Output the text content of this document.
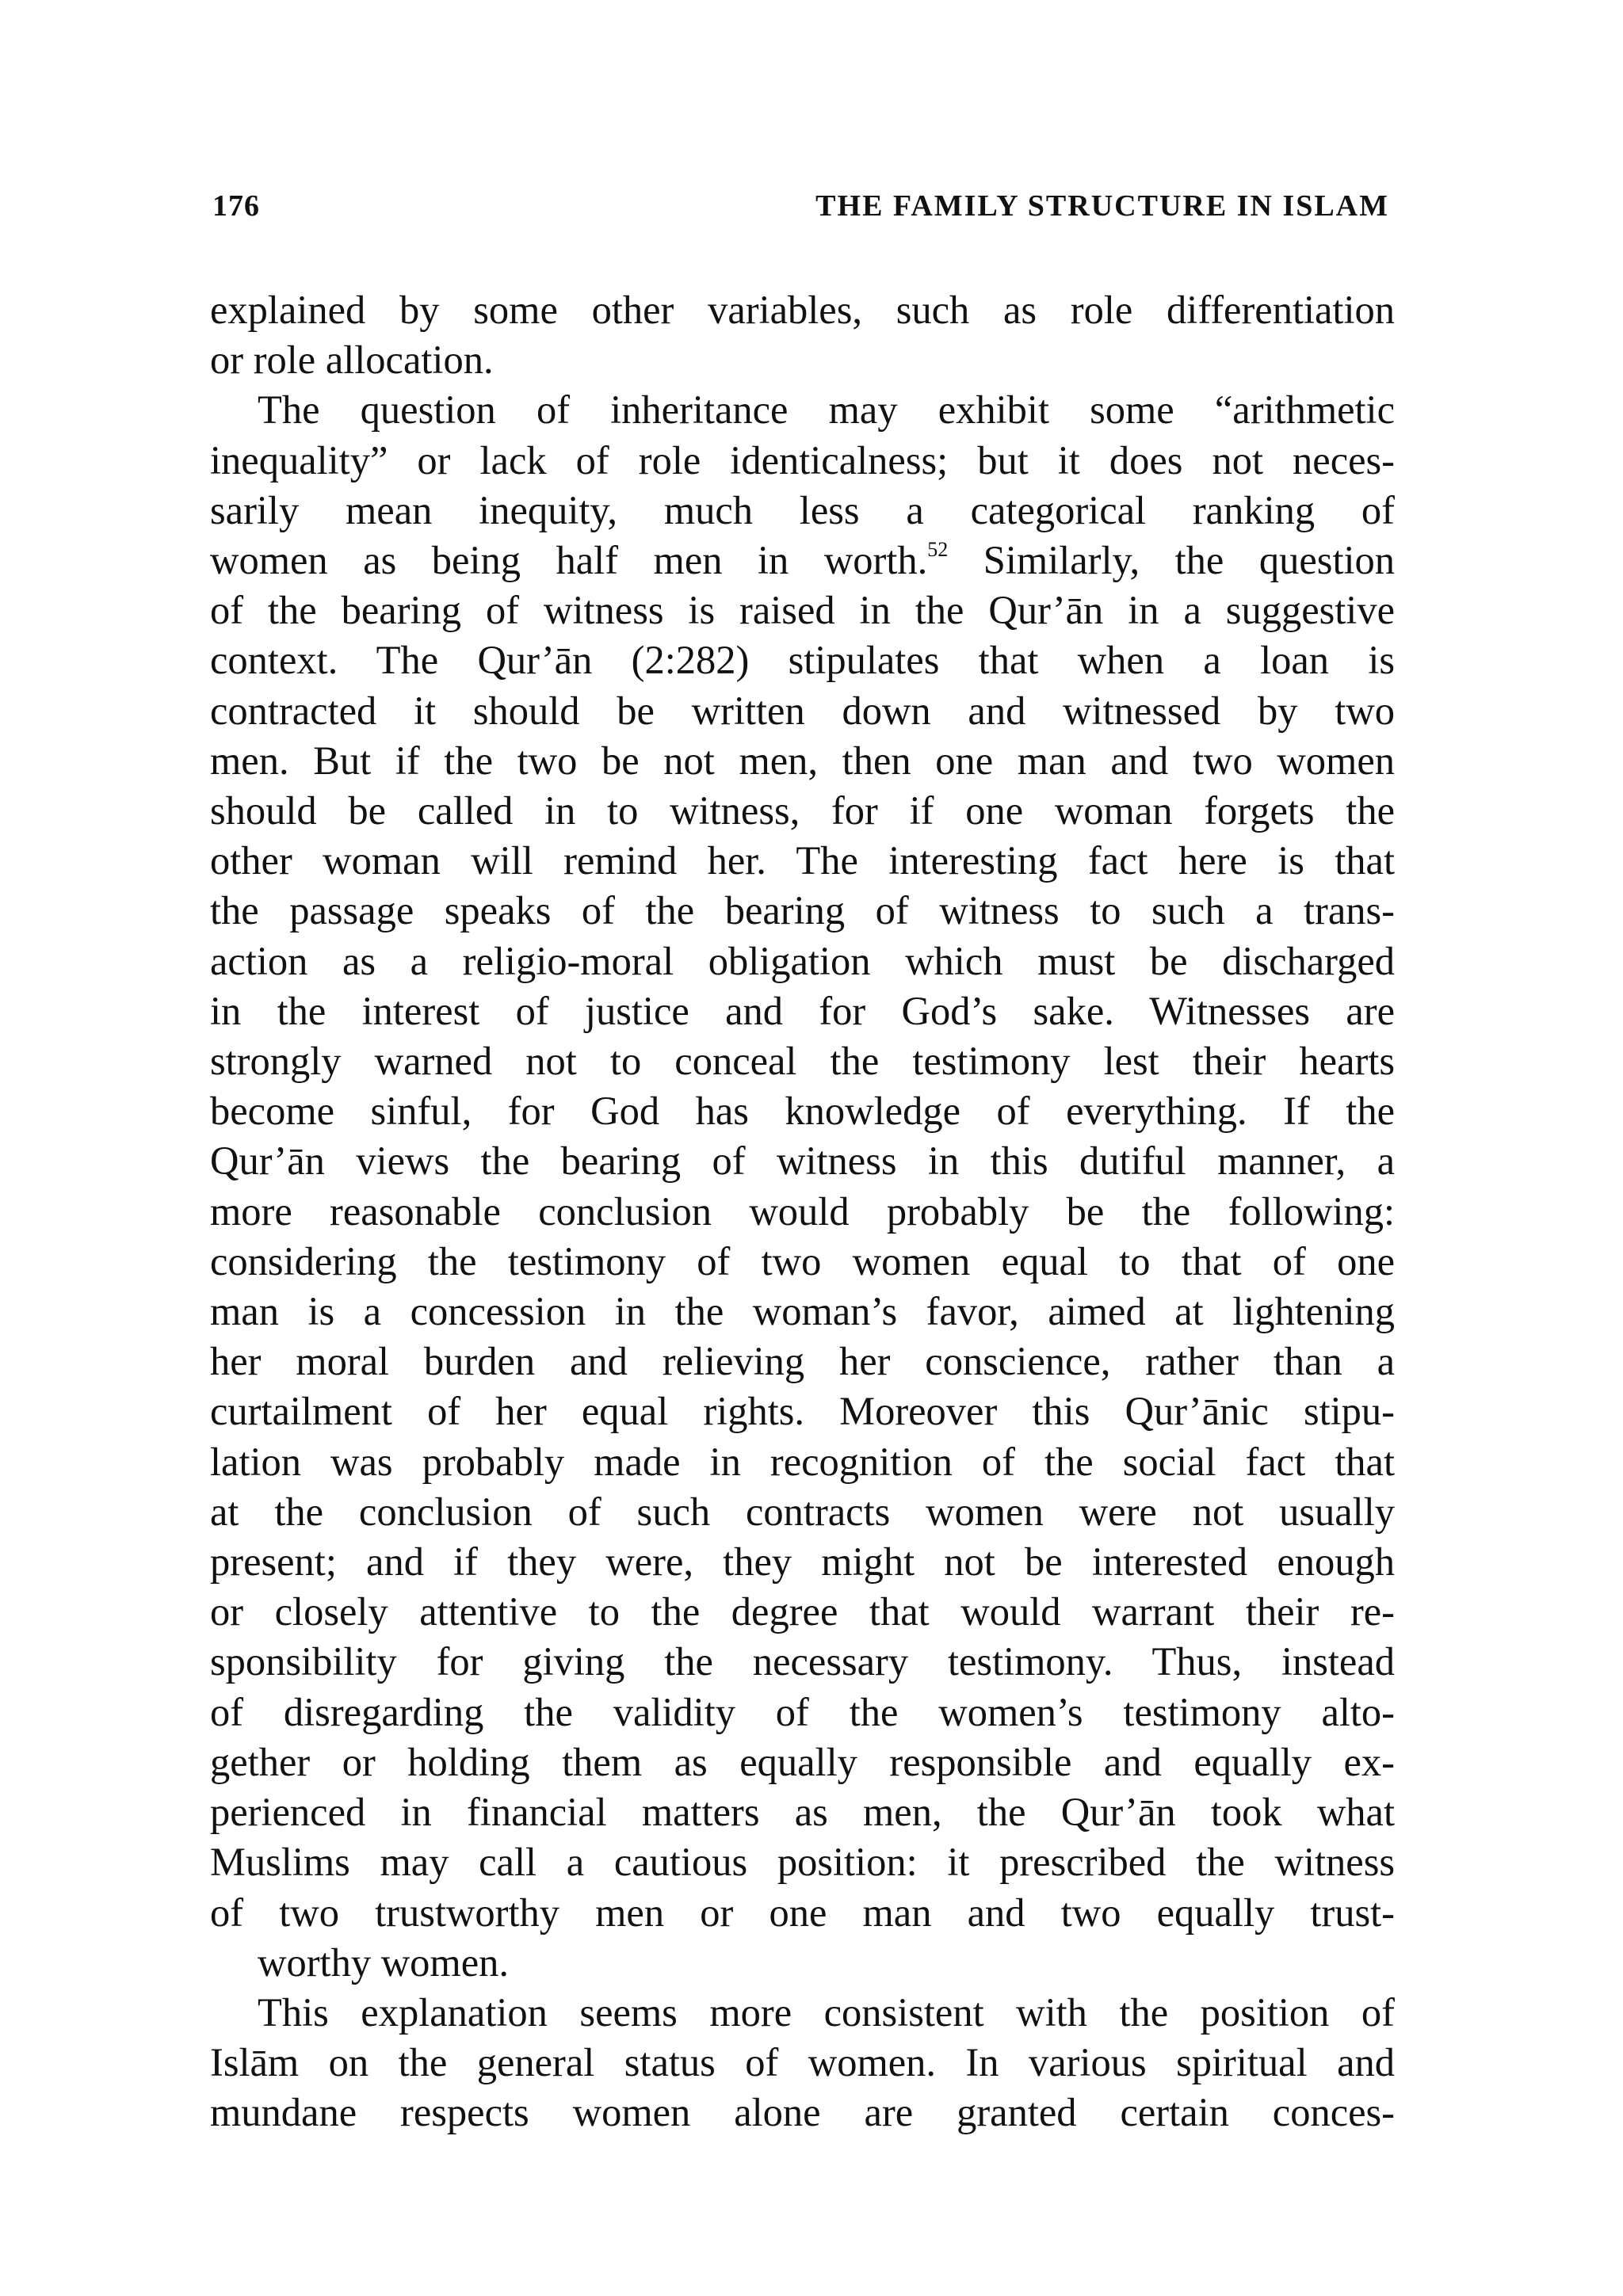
176	THE FAMILY STRUCTURE IN ISLAM

explained by some other variables, such as role differentiation

or role allocation.

The question of inheritance may exhibit some “arithmetic
inequality” or lack of role identicalness; but it does not neces-
sarily mean inequity, much less a categorical ranking of
women as being half men in worth.$^{52}$ Similarly, the question
of the bearing of witness is raised in the Qur’ān in a suggestive
context. The Qur’ān (2:282) stipulates that when a loan is
contracted it should be written down and witnessed by two
men. But if the two be not men, then one man and two women
should be called in to witness, for if one woman forgets the
other woman will remind her. The interesting fact here is that
the passage speaks of the bearing of witness to such a trans-
action as a religio-moral obligation which must be discharged
in the interest of justice and for God’s sake. Witnesses are
strongly warned not to conceal the testimony lest their hearts
become sinful, for God has knowledge of everything. If the
Qur’ān views the bearing of witness in this dutiful manner, a
more reasonable conclusion would probably be the following:
considering the testimony of two women equal to that of one
man is a concession in the woman’s favor, aimed at lightening
her moral burden and relieving her conscience, rather than a
curtailment of her equal rights. Moreover this Qur’ānic stipu-
lation was probably made in recognition of the social fact that
at the conclusion of such contracts women were not usually
present; and if they were, they might not be interested enough
or closely attentive to the degree that would warrant their re-
sponsibility for giving the necessary testimony. Thus, instead
of disregarding the validity of the women’s testimony alto-
gether or holding them as equally responsible and equally ex-
perienced in financial matters as men, the Qur’ān took what
Muslims may call a cautious position: it prescribed the witness
of two trustworthy men or one man and two equally trust-

worthy women.

This explanation seems more consistent with the position of
Islām on the general status of women. In various spiritual and
mundane respects women alone are granted certain conces-
